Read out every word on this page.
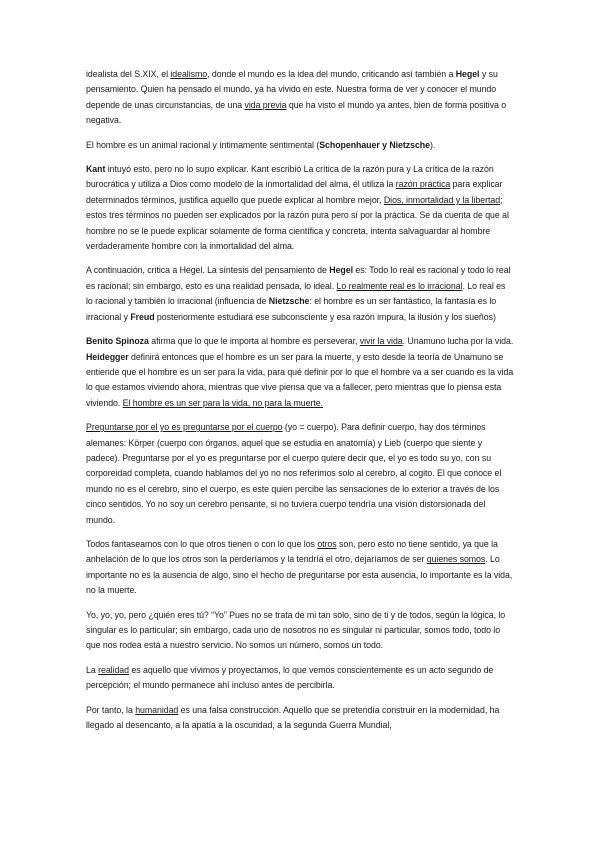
idealista del S.XIX, el idealismo, donde el mundo es la idea del mundo, criticando así también a Hegel y su pensamiento. Quien ha pensado el mundo, ya ha vivido en este. Nuestra forma de ver y conocer el mundo depende de unas circunstancias, de una vida previa que ha visto el mundo ya antes, bien de forma positiva o negativa.

El hombre es un animal racional y íntimamente sentimental (Schopenhauer y Nietzsche).

Kant intuyó esto, pero no lo supo explicar. Kant escribió La crítica de la razón pura y La crítica de la razón burocrática y utiliza a Dios como modelo de la inmortalidad del alma, él utiliza la razón práctica para explicar determinados términos, justifica aquello que puede explicar al hombre mejor, Dios, inmortalidad y la libertad; estos tres términos no pueden ser explicados por la razón pura pero sí por la práctica. Se da cuenta de que al hombre no se le puede explicar solamente de forma científica y concreta, intenta salvaguardar al hombre verdaderamente hombre con la inmortalidad del alma.

A continuación, critica a Hegel. La síntesis del pensamiento de Hegel es: Todo lo real es racional y todo lo real es racional; sin embargo, esto es una realidad pensada, lo ideal. Lo realmente real es lo irracional. Lo real es lo racional y también lo irracional (influencia de Nietzsche: el hombre es un ser fantástico, la fantasía es lo irracional y Freud posteriormente estudiará ese subconsciente y esa razón impura, la ilusión y los sueños)

Benito Spinoza afirma que lo que le importa al hombre es perseverar, vivir la vida. Unamuno lucha por la vida. Heidegger definirá entonces que el hombre es un ser para la muerte, y esto desde la teoría de Unamuno se entiende que el hombre es un ser para la vida, para qué definir por lo que el hombre va a ser cuando es la vida lo que estamos viviendo ahora, mientras que vive piensa que va a fallecer, pero mientras que lo piensa esta viviendo. El hombre es un ser para la vida, no para la muerte.

Preguntarse por el yo es preguntarse por el cuerpo (yo = cuerpo). Para definir cuerpo, hay dos términos alemanes: Körper (cuerpo con órganos, aquel que se estudia en anatomía) y Lieb (cuerpo que siente y padece). Preguntarse por el yo es preguntarse por el cuerpo quiere decir que, el yo es todo su yo, con su corporeidad completa, cuando hablamos del yo no nos referimos solo al cerebro, al cogito. El que conoce el mundo no es el cerebro, sino el cuerpo, es este quien percibe las sensaciones de lo exterior a través de los cinco sentidos. Yo no soy un cerebro pensante, si no tuviera cuerpo tendría una visión distorsionada del mundo.

Todos fantaseamos con lo que otros tienen o con lo que los otros son, pero esto no tiene sentido, ya que la anhelación de lo que los otros son la perderíamos y la tendría el otro, dejaríamos de ser quienes somos. Lo importante no es la ausencia de algo, sino el hecho de preguntarse por esta ausencia, lo importante es la vida, no la muerte.

Yo, yo, yo, pero ¿quién eres tú? “Yo” Pues no se trata de mi tan solo, sino de ti y de todos, según la lógica, lo singular es lo particular; sin embargo, cada uno de nosotros no es singular ni particular, somos todo, todo lo que nos rodea está a nuestro servicio. No somos un número, somos un todo.

La realidad es aquello que vivimos y proyectamos, lo que vemos conscientemente es un acto segundo de percepción; el mundo permanece ahí incluso antes de percibirla.

Por tanto, la humanidad es una falsa construcción. Aquello que se pretendía construir en la modernidad, ha llegado al desencanto, a la apatía a la oscuridad, a la segunda Guerra Mundial,
